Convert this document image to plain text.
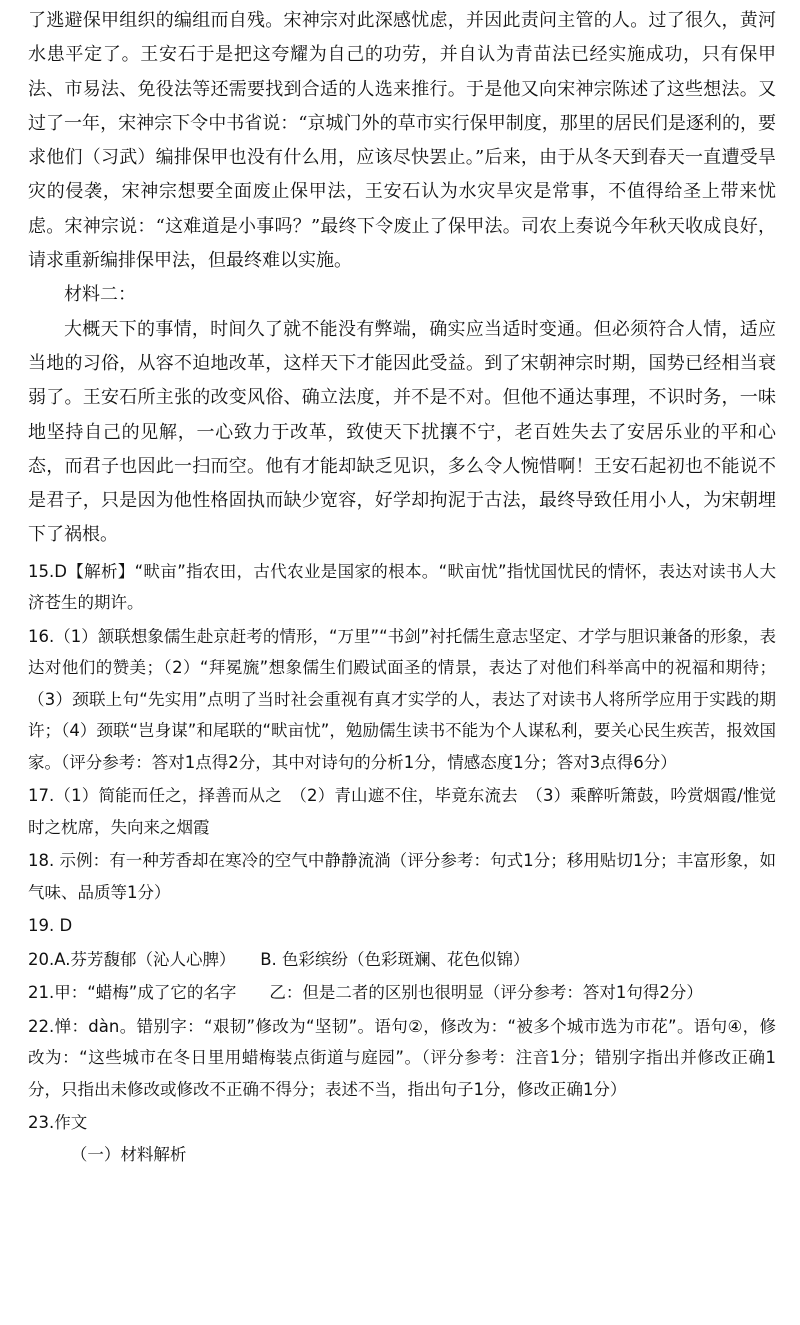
了逃避保甲组织的编组而自残。宋神宗对此深感忧虑，并因此责问主管的人。过了很久，黄河水患平定了。王安石于是把这夸耀为自己的功劳，并自认为青苗法已经实施成功，只有保甲法、市易法、免役法等还需要找到合适的人选来推行。于是他又向宋神宗陈述了这些想法。又过了一年，宋神宗下令中书省说：“京城门外的草市实行保甲制度，那里的居民们是逐利的，要求他们（习武）编排保甲也没有什么用，应该尽快罢止。”后来，由于从冬天到春天一直遭受旱灾的侵袭，宋神宗想要全面废止保甲法，王安石认为水灾旱灾是常事，不值得给圣上带来忧虑。宋神宗说：“这难道是小事吗？”最终下令废止了保甲法。司农上奏说今年秋天收成良好，请求重新编排保甲法，但最终难以实施。

材料二：

大概天下的事情，时间久了就不能没有弊端，确实应当适时变通。但必须符合人情，适应当地的习俗，从容不迫地改革，这样天下才能因此受益。到了宋朝神宗时期，国势已经相当衰弱了。王安石所主张的改变风俗、确立法度，并不是不对。但他不通达事理，不识时务，一味地坚持自己的见解，一心致力于改革，致使天下扰攘不宁，老百姓失去了安居乐业的平和心态，而君子也因此一扫而空。他有才能却缺乏见识，多么令人惋惜啊！王安石起初也不能说不是君子，只是因为他性格固执而缺少宽容，好学却拘泥于古法，最终导致任用小人，为宋朝埋下了祸根。

15.D【解析】“畎亩”指农田，古代农业是国家的根本。“畎亩忧”指忧国忧民的情怀，表达对读书人大济苍生的期许。

16.（1）颔联想象儒生赴京赶考的情形，“万里”“书剑”衬托儒生意志坚定、才学与胆识兼备的形象，表达对他们的赞美；（2）“拜冕旒”想象儒生们殿试面圣的情景，表达了对他们科举高中的祝福和期待；（3）颈联上句“先实用”点明了当时社会重视有真才实学的人，表达了对读书人将所学应用于实践的期许；（4）颈联“岂身谋”和尾联的“畎亩忧”，勉励儒生读书不能为个人谋私利，要关心民生疾苦，报效国家。（评分参考：答对1点得2分，其中对诗句的分析1分，情感态度1分；答对3点得6分）

17.（1）简能而任之，择善而从之　（2）青山遮不住，毕竟东流去　（3）乘醉听箫鼓，吟赏烟霞/惟觉时之枕席，失向来之烟霞

18. 示例：有一种芳香却在寒冷的空气中静静流淌（评分参考：句式1分；移用贴切1分；丰富形象，如气味、品质等1分）

19. D

20.A.芬芳馥郁（沁人心脾）　　B. 色彩缤纷（色彩斑斓、花色似锦）

21.甲：“蜡梅”成了它的名字　　乙：但是二者的区别也很明显（评分参考：答对1句得2分）

22.惮：dàn。错别字：“艰韧”修改为“坚韧”。语句②，修改为：“被多个城市选为市花”。语句④，修改为：“这些城市在冬日里用蜡梅装点街道与庭园”。（评分参考：注音1分；错别字指出并修改正确1分，只指出未修改或修改不正确不得分；表述不当，指出句子1分，修改正确1分）

23.作文

（一）材料解析
